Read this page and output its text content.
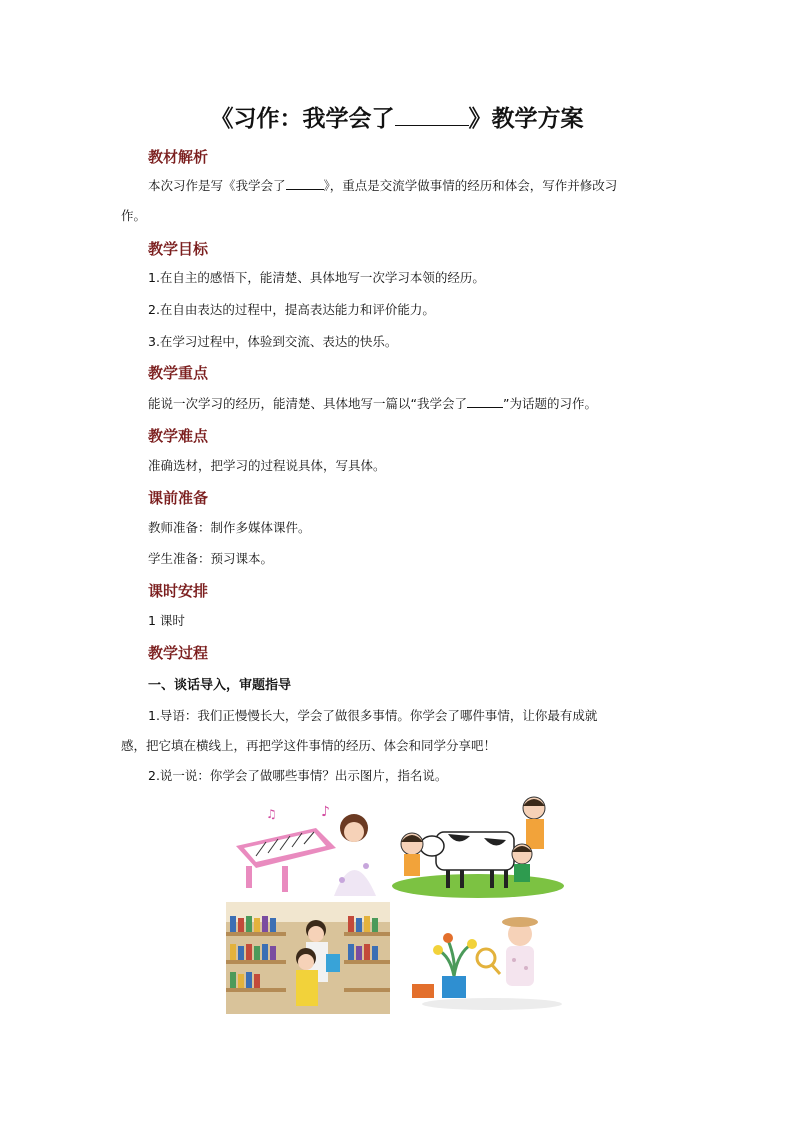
《习作：我学会了	》教学方案
教材解析
本次习作是写《我学会了	》，重点是交流学做事情的经历和体会，写作并修改习
作。
教学目标
1.在自主的感悟下，能清楚、具体地写一次学习本领的经历。
2.在自由表达的过程中，提高表达能力和评价能力。
3.在学习过程中，体验到交流、表达的快乐。
教学重点
能说一次学习的经历，能清楚、具体地写一篇以“我学会了	”为话题的习作。
教学难点
准确选材，把学习的过程说具体，写具体。
课前准备
教师准备：制作多媒体课件。
学生准备：预习课本。
课时安排
1 课时
教学过程
一、谈话导入，审题指导
1.导语：我们正慢慢长大，学会了做很多事情。你学会了哪件事情，让你最有成就
感，把它填在横线上，再把学这件事情的经历、体会和同学分享吧！
2.说一说：你学会了做哪些事情？出示图片，指名说。
♪
♫
